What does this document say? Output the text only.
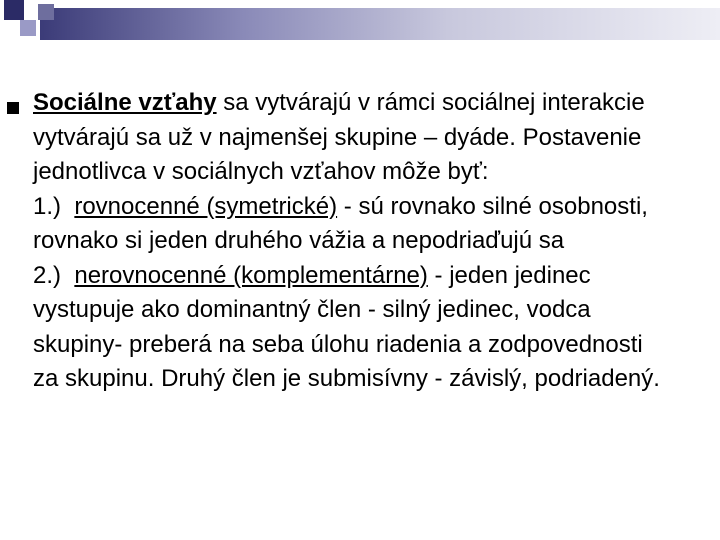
Sociálne vzťahy sa vytvárajú v rámci sociálnej interakcie vytvárajú sa už v najmenšej skupine – dyáde. Postavenie jednotlivca v sociálnych vzťahov môže byť:
1.)  rovnocenné (symetrické) - sú rovnako silné osobnosti, rovnako si jeden druhého vážia a nepodriaďujú sa
2.)  nerovnocenné (komplementárne) - jeden jedinec vystupuje ako dominantný člen - silný jedinec, vodca skupiny- preberá na seba úlohu riadenia a zodpovednosti za skupinu. Druhý člen je submisívny - závislý, podriadený.
